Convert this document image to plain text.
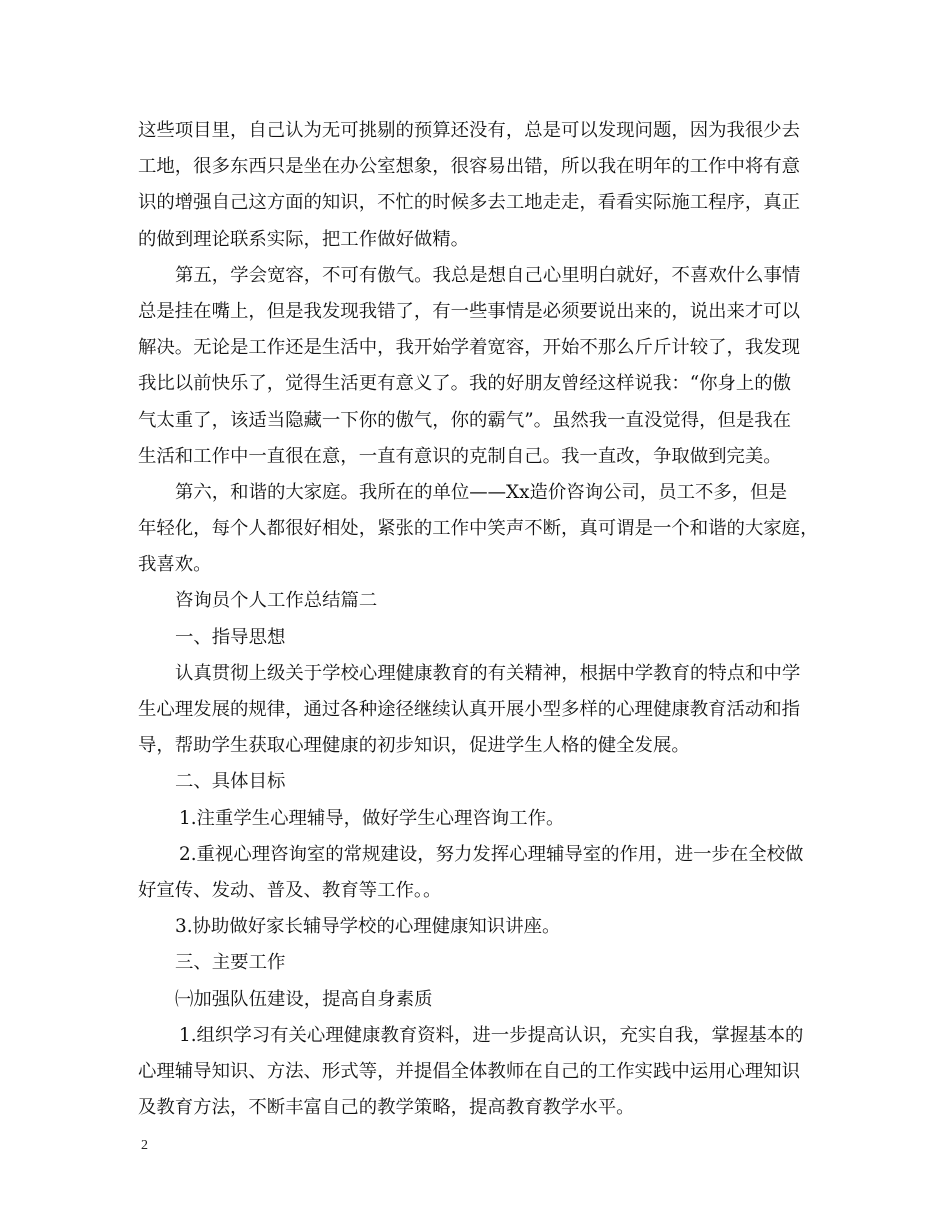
这些项目里，自己认为无可挑剔的预算还没有，总是可以发现问题，因为我很少去
工地，很多东西只是坐在办公室想象，很容易出错，所以我在明年的工作中将有意
识的增强自己这方面的知识，不忙的时候多去工地走走，看看实际施工程序，真正
的做到理论联系实际，把工作做好做精。
第五，学会宽容，不可有傲气。我总是想自己心里明白就好，不喜欢什么事情
总是挂在嘴上，但是我发现我错了，有一些事情是必须要说出来的，说出来才可以
解决。无论是工作还是生活中，我开始学着宽容，开始不那么斤斤计较了，我发现
我比以前快乐了，觉得生活更有意义了。我的好朋友曾经这样说我：“你身上的傲
气太重了，该适当隐藏一下你的傲气，你的霸气”。虽然我一直没觉得，但是我在
生活和工作中一直很在意，一直有意识的克制自己。我一直改，争取做到完美。
第六，和谐的大家庭。我所在的单位——Xx造价咨询公司，员工不多，但是
年轻化，每个人都很好相处，紧张的工作中笑声不断，真可谓是一个和谐的大家庭，
我喜欢。
咨询员个人工作总结篇二
一、指导思想
认真贯彻上级关于学校心理健康教育的有关精神，根据中学教育的特点和中学
生心理发展的规律，通过各种途径继续认真开展小型多样的心理健康教育活动和指
导，帮助学生获取心理健康的初步知识，促进学生人格的健全发展。
二、具体目标
1.注重学生心理辅导，做好学生心理咨询工作。
2.重视心理咨询室的常规建设，努力发挥心理辅导室的作用，进一步在全校做
好宣传、发动、普及、教育等工作。。
3.协助做好家长辅导学校的心理健康知识讲座。
三、主要工作
㈠加强队伍建设，提高自身素质
1.组织学习有关心理健康教育资料，进一步提高认识，充实自我，掌握基本的
心理辅导知识、方法、形式等，并提倡全体教师在自己的工作实践中运用心理知识
及教育方法，不断丰富自己的教学策略，提高教育教学水平。
2
